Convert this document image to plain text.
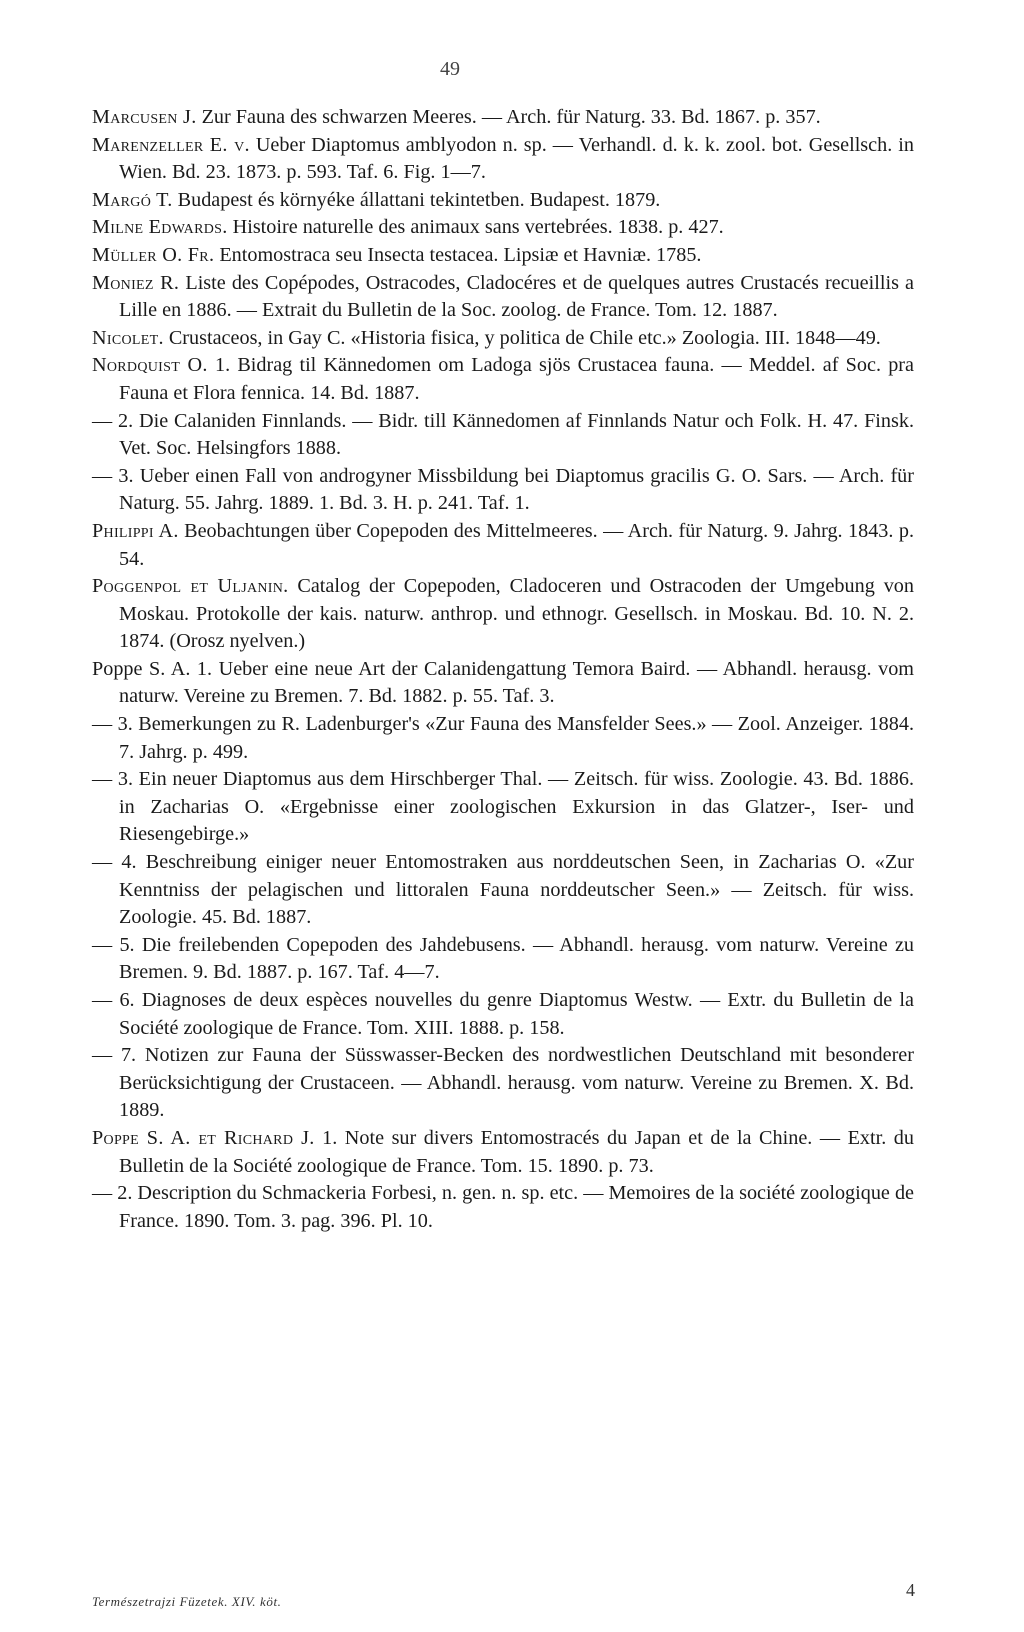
49
Marcusen J. Zur Fauna des schwarzen Meeres. — Arch. für Naturg. 33. Bd. 1867. p. 357.
Marenzeller E. v. Ueber Diaptomus amblyodon n. sp. — Verhandl. d. k. k. zool. bot. Gesellsch. in Wien. Bd. 23. 1873. p. 593. Taf. 6. Fig. 1—7.
Margó T. Budapest és környéke állattani tekintetben. Budapest. 1879.
Milne Edwards. Histoire naturelle des animaux sans vertebrées. 1838. p. 427.
Müller O. Fr. Entomostraca seu Insecta testacea. Lipsiæ et Havniæ. 1785.
Moniez R. Liste des Copépodes, Ostracodes, Cladocéres et de quelques autres Crustacés recueillis a Lille en 1886. — Extrait du Bulletin de la Soc. zoolog. de France. Tom. 12. 1887.
Nicolet. Crustaceos, in Gay C. «Historia fisica, y politica de Chile etc.» Zoologia. III. 1848—49.
Nordquist O. 1. Bidrag til Kännedomen om Ladoga sjös Crustacea fauna. — Meddel. af Soc. pra Fauna et Flora fennica. 14. Bd. 1887.
— 2. Die Calaniden Finnlands. — Bidr. till Kännedomen af Finnlands Natur och Folk. H. 47. Finsk. Vet. Soc. Helsingfors 1888.
— 3. Ueber einen Fall von androgyner Missbildung bei Diaptomus gracilis G. O. Sars. — Arch. für Naturg. 55. Jahrg. 1889. 1. Bd. 3. H. p. 241. Taf. 1.
Philippi A. Beobachtungen über Copepoden des Mittelmeeres. — Arch. für Naturg. 9. Jahrg. 1843. p. 54.
Poggenpol et Uljanin. Catalog der Copepoden, Cladoceren und Ostracoden der Umgebung von Moskau. Protokolle der kais. naturw. anthrop. und ethnogr. Gesellsch. in Moskau. Bd. 10. N. 2. 1874. (Orosz nyelven.)
Poppe S. A. 1. Ueber eine neue Art der Calanidengattung Temora Baird. — Abhandl. herausg. vom naturw. Vereine zu Bremen. 7. Bd. 1882. p. 55. Taf. 3.
— 3. Bemerkungen zu R. Ladenburger's «Zur Fauna des Mansfelder Sees.» — Zool. Anzeiger. 1884. 7. Jahrg. p. 499.
— 3. Ein neuer Diaptomus aus dem Hirschberger Thal. — Zeitsch. für wiss. Zoologie. 43. Bd. 1886. in Zacharias O. «Ergebnisse einer zoologischen Exkursion in das Glatzer-, Iser- und Riesengebirge.»
— 4. Beschreibung einiger neuer Entomostraken aus norddeutschen Seen, in Zacharias O. «Zur Kenntniss der pelagischen und littoralen Fauna norddeutscher Seen.» — Zeitsch. für wiss. Zoologie. 45. Bd. 1887.
— 5. Die freilebenden Copepoden des Jahdebusens. — Abhandl. herausg. vom naturw. Vereine zu Bremen. 9. Bd. 1887. p. 167. Taf. 4—7.
— 6. Diagnoses de deux espèces nouvelles du genre Diaptomus Westw. — Extr. du Bulletin de la Société zoologique de France. Tom. XIII. 1888. p. 158.
— 7. Notizen zur Fauna der Süsswasser-Becken des nordwestlichen Deutschland mit besonderer Berücksichtigung der Crustaceen. — Abhandl. herausg. vom naturw. Vereine zu Bremen. X. Bd. 1889.
Poppe S. A. et Richard J. 1. Note sur divers Entomostracés du Japan et de la Chine. — Extr. du Bulletin de la Société zoologique de France. Tom. 15. 1890. p. 73.
— 2. Description du Schmackeria Forbesi, n. gen. n. sp. etc. — Memoires de la société zoologique de France. 1890. Tom. 3. pag. 396. Pl. 10.
Természetrajzi Füzetek. XIV. köt.
4
